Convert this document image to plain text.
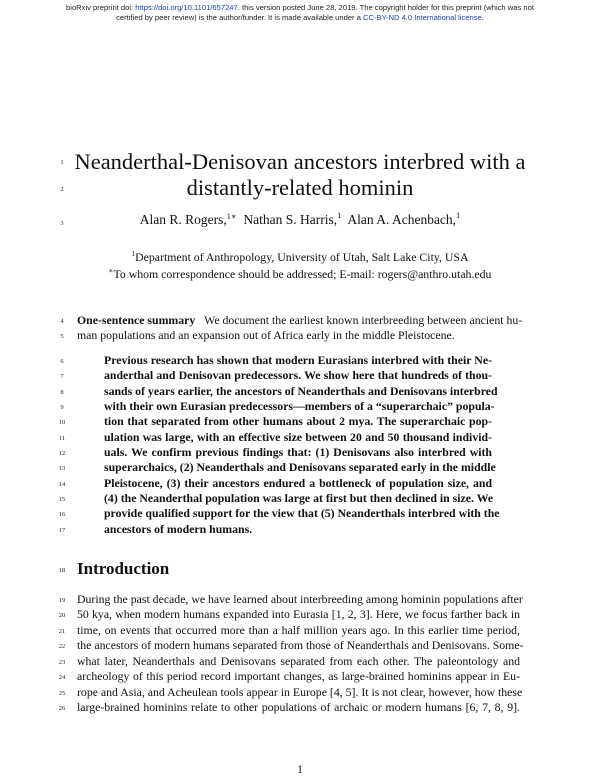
bioRxiv preprint doi: https://doi.org/10.1101/657247. this version posted June 28, 2019. The copyright holder for this preprint (which was not
certified by peer review) is the author/funder. It is made available under a CC-BY-ND 4.0 International license.
1
2
3
4
5
6
7
8
9
10
11
12
13
14
15
16
17
18
19
20
21
22
23
24
25
26
Neanderthal-Denisovan ancestors interbred with a
distantly-related hominin
Alan R. Rogers,$^{1∗}$ Nathan S. Harris,$^1$ Alan A. Achenbach,$^1$
$^1$Department of Anthropology, University of Utah, Salt Lake City, USA
∗To whom correspondence should be addressed; E-mail: rogers@anthro.utah.edu
One-sentence summary We document the earliest known interbreeding between ancient hu-
man populations and an expansion out of Africa early in the middle Pleistocene.
Previous research has shown that modern Eurasians interbred with their Ne-
anderthal and Denisovan predecessors. We show here that hundreds of thou-
sands of years earlier, the ancestors of Neanderthals and Denisovans interbred
with their own Eurasian predecessors—members of a “superarchaic” popula-
tion that separated from other humans about 2 mya. The superarchaic pop-
ulation was large, with an effective size between 20 and 50 thousand individ-
uals. We confirm previous findings that: (1) Denisovans also interbred with
superarchaics, (2) Neanderthals and Denisovans separated early in the middle
Pleistocene, (3) their ancestors endured a bottleneck of population size, and
(4) the Neanderthal population was large at first but then declined in size. We
provide qualified support for the view that (5) Neanderthals interbred with the
ancestors of modern humans.
Introduction
During the past decade, we have learned about interbreeding among hominin populations after
50 kya, when modern humans expanded into Eurasia [1, 2, 3]. Here, we focus farther back in
time, on events that occurred more than a half million years ago. In this earlier time period,
the ancestors of modern humans separated from those of Neanderthals and Denisovans. Some-
what later, Neanderthals and Denisovans separated from each other. The paleontology and
archeology of this period record important changes, as large-brained hominins appear in Eu-
rope and Asia, and Acheulean tools appear in Europe [4, 5]. It is not clear, however, how these
large-brained hominins relate to other populations of archaic or modern humans [6, 7, 8, 9].
1
